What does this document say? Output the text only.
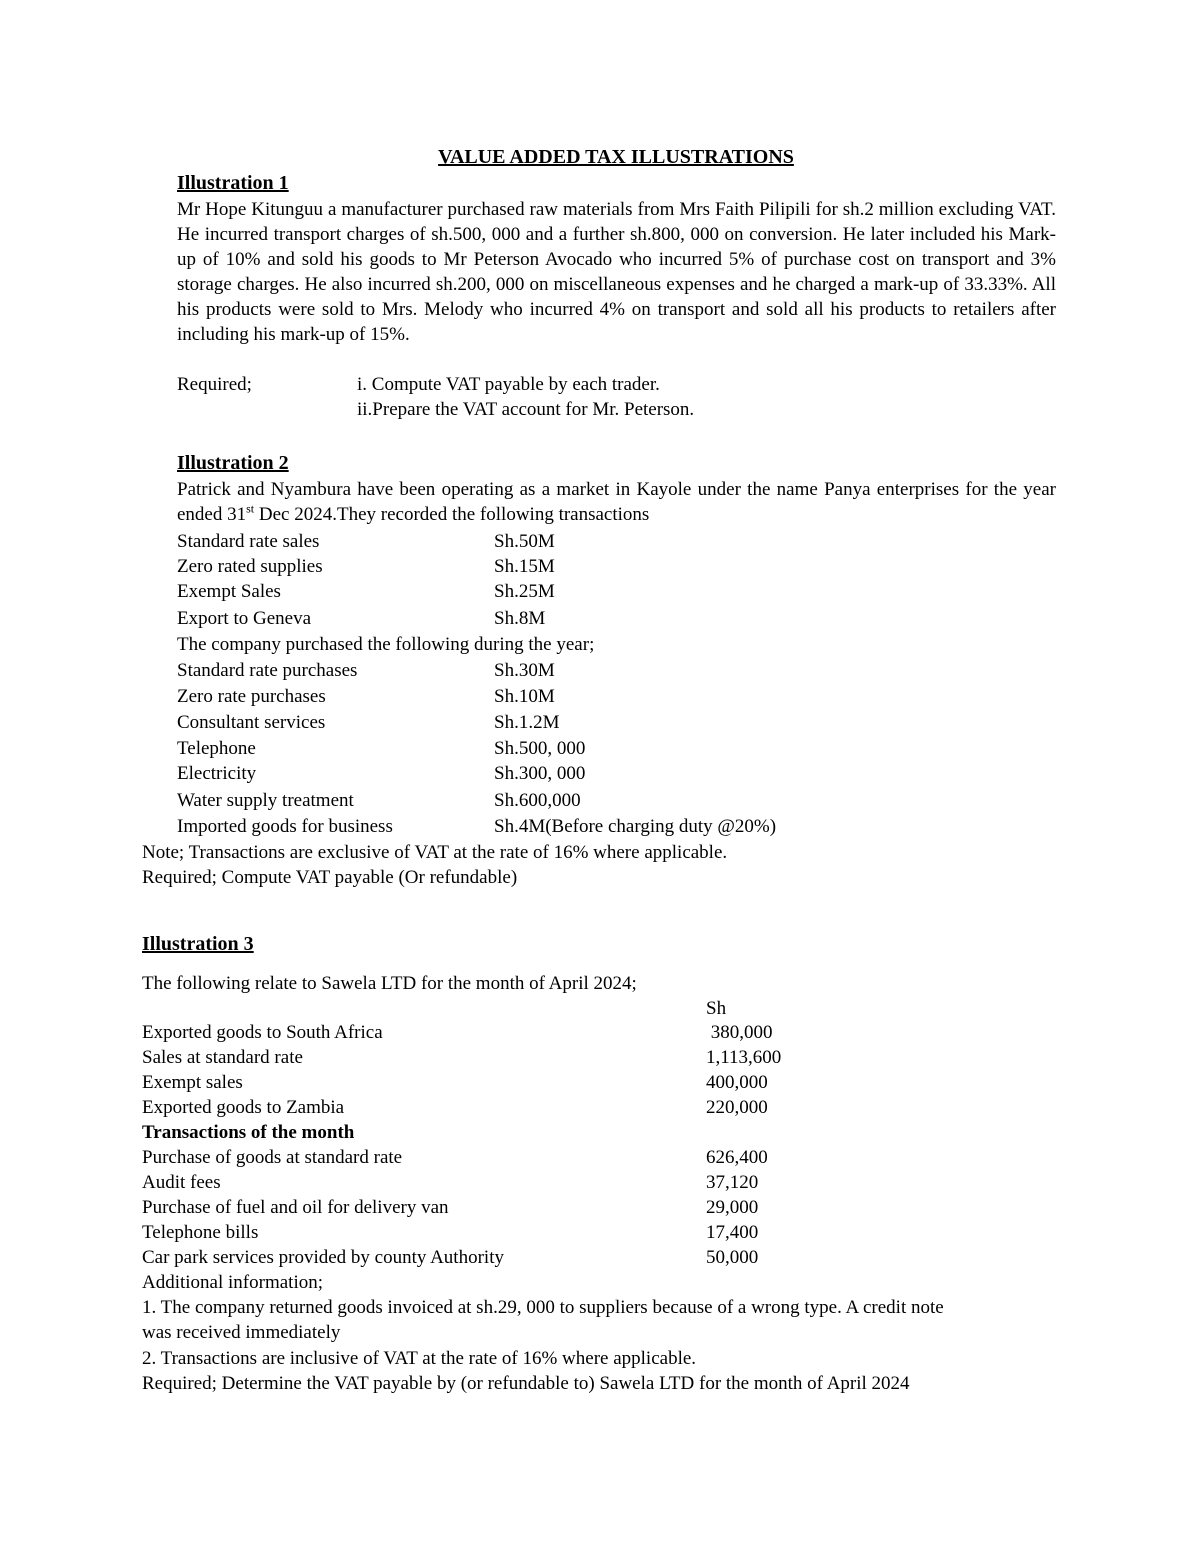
VALUE ADDED TAX ILLUSTRATIONS
Illustration 1
Mr Hope Kitunguu a manufacturer purchased raw materials from Mrs Faith Pilipili for sh.2 million excluding VAT. He incurred transport charges of sh.500, 000 and a further sh.800, 000 on conversion. He later included his Mark-up of 10% and sold his goods to Mr Peterson Avocado who incurred 5% of purchase cost on transport and 3% storage charges. He also incurred sh.200, 000 on miscellaneous expenses and he charged a mark-up of 33.33%. All his products were sold to Mrs. Melody who incurred 4% on transport and sold all his products to retailers after including his mark-up of 15%.
Required;	i. Compute VAT payable by each trader.
ii.Prepare the VAT account for Mr. Peterson.
Illustration 2
Patrick and Nyambura have been operating as a market in Kayole under the name Panya enterprises for the year ended 31st Dec 2024.They recorded the following transactions
Standard rate sales	Sh.50M
Zero rated supplies	Sh.15M
Exempt Sales	Sh.25M
Export to Geneva	Sh.8M
The company purchased the following during the year;
Standard rate purchases	Sh.30M
Zero rate purchases	Sh.10M
Consultant services	Sh.1.2M
Telephone	Sh.500, 000
Electricity	Sh.300, 000
Water supply treatment	Sh.600,000
Imported goods for business	Sh.4M(Before charging duty @20%)
Note; Transactions are exclusive of VAT at the rate of 16% where applicable.
Required; Compute VAT payable (Or refundable)
Illustration 3
The following relate to Sawela LTD for the month of April 2024;
Sh
Exported goods to South Africa	380,000
Sales at standard rate	1,113,600
Exempt sales	400,000
Exported goods to Zambia	220,000
Transactions of the month
Purchase of goods at standard rate	626,400
Audit fees	37,120
Purchase of fuel and oil for delivery van	29,000
Telephone bills	17,400
Car park services provided by county Authority	50,000
Additional information;
1. The company returned goods invoiced at sh.29, 000 to suppliers because of a wrong type. A credit note
was received immediately
2. Transactions are inclusive of VAT at the rate of 16% where applicable.
Required; Determine the VAT payable by (or refundable to) Sawela LTD for the month of April 2024
